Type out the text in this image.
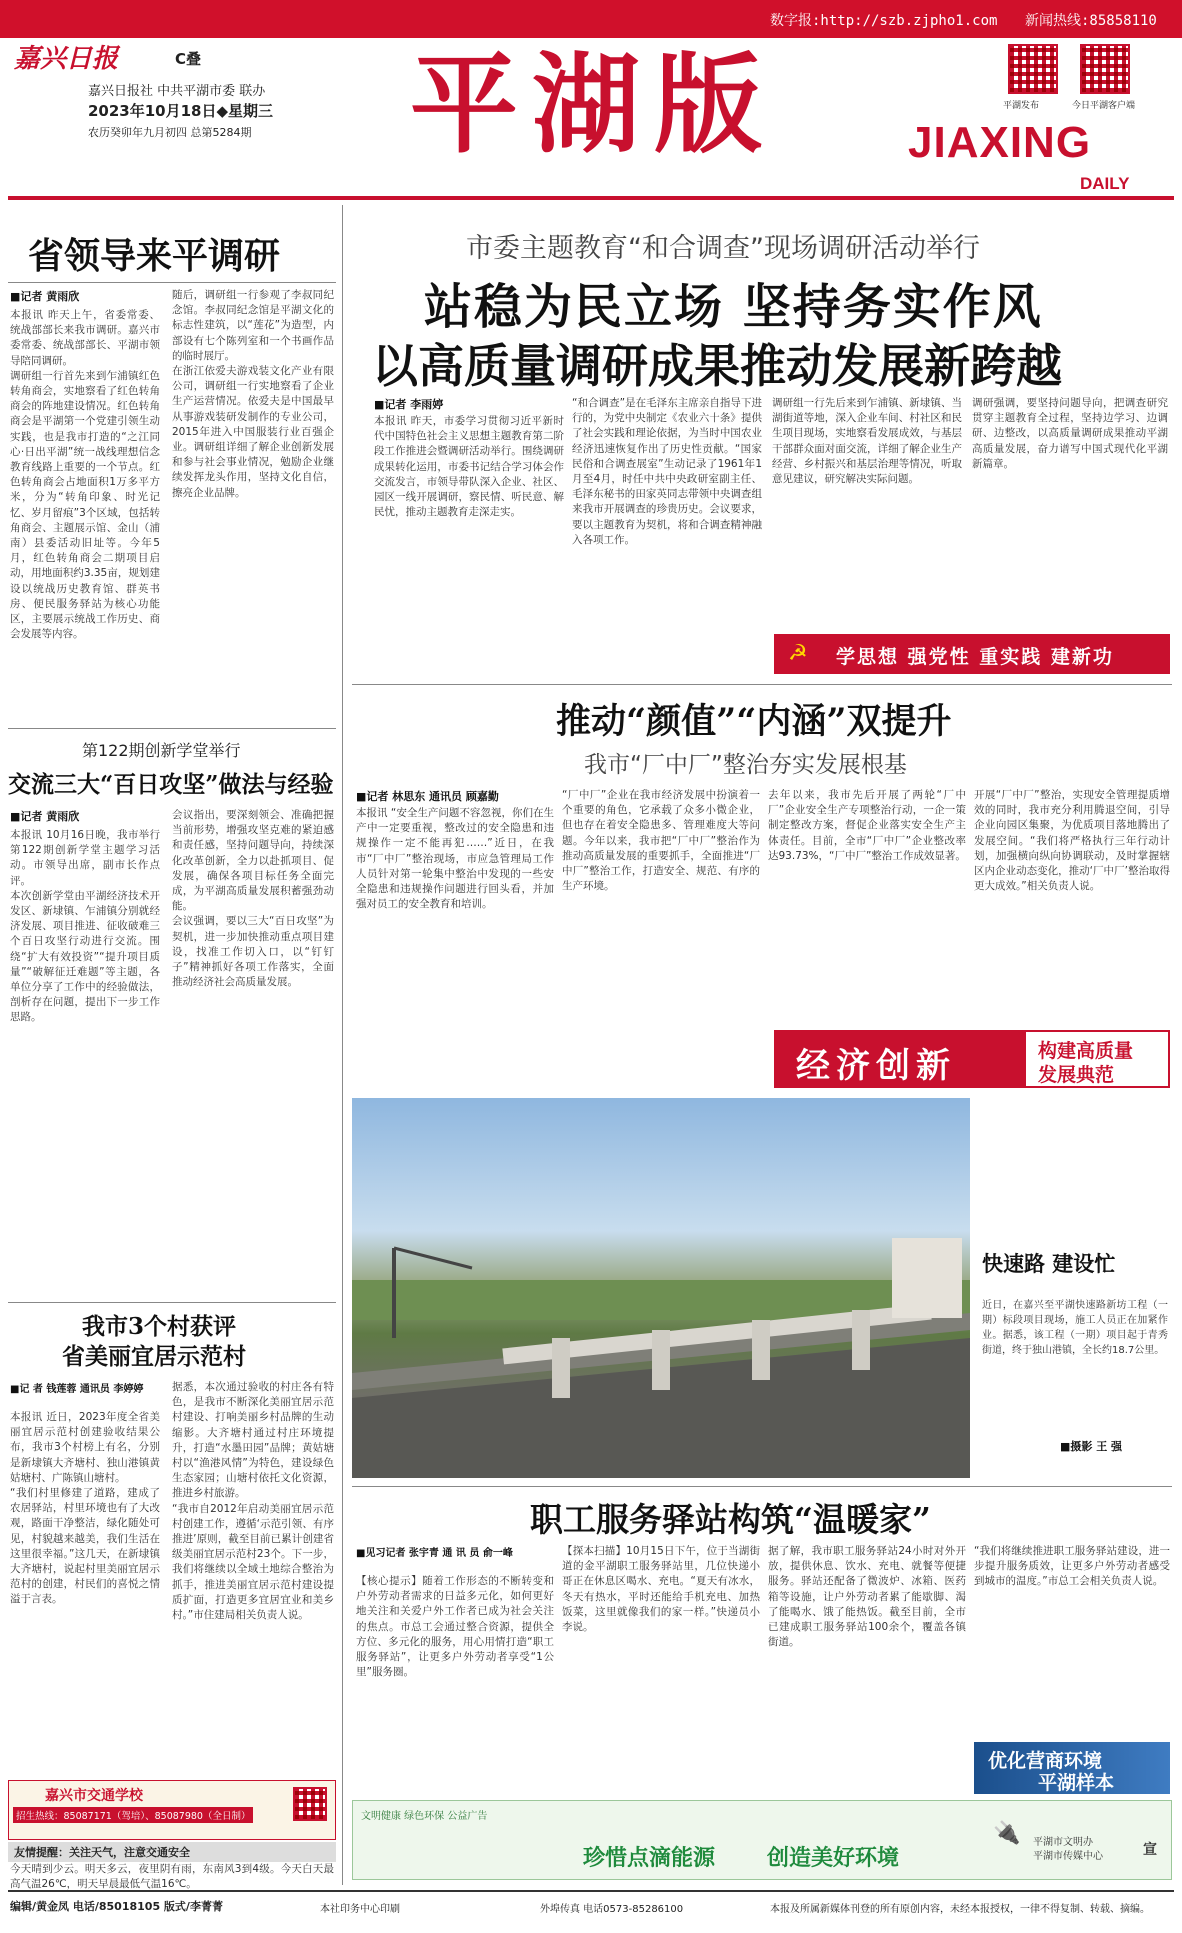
数字报:http://szb.zjpho1.com 新闻热线:85858110
嘉兴日报	C叠
嘉兴日报社 中共平湖市委 联办
2023年10月18日◆星期三
农历癸卯年九月初四 总第5284期 平湖版	平湖发布	今日平湖客户端
JIAXING
DAILY
省领导来平调研
■记者 黄雨欣

本报讯 昨天上午，省委常委、统战部部长来我市调研。嘉兴市委常委、统战部部长、平湖市领导陪同调研。

调研组一行首先来到乍浦镇红色转角商会，实地察看了红色转角商会的阵地建设情况。红色转角商会是平湖第一个党建引领生动实践，也是我市打造的“之江同心·日出平湖”统一战线理想信念教育线路上重要的一个节点。红色转角商会占地面积1万多平方米，分为“转角印象、时光记忆、岁月留痕”3个区域，包括转角商会、主题展示馆、金山（浦南）县委活动旧址等。今年5月，红色转角商会二期项目启动，用地面积约3.35亩，规划建设以统战历史教育馆、群英书房、便民服务驿站为核心功能区，主要展示统战工作历史、商会发展等内容。

随后，调研组一行参观了李叔同纪念馆。李叔同纪念馆是平湖文化的标志性建筑，以“莲花”为造型，内部设有七个陈列室和一个书画作品的临时展厅。

在浙江依爱夫游戏装文化产业有限公司，调研组一行实地察看了企业生产运营情况。依爱夫是中国最早从事游戏装研发制作的专业公司，2015年进入中国服装行业百强企业。调研组详细了解企业创新发展和参与社会事业情况，勉励企业继续发挥龙头作用，坚持文化自信，擦亮企业品牌。

第122期创新学堂举行
交流三大“百日攻坚”做法与经验
■记者 黄雨欣

本报讯 10月16日晚，我市举行第122期创新学堂主题学习活动。市领导出席，副市长作点评。

本次创新学堂由平湖经济技术开发区、新埭镇、乍浦镇分别就经济发展、项目推进、征收破难三个百日攻坚行动进行交流。围绕“扩大有效投资”“提升项目质量”“破解征迁难题”等主题，各单位分享了工作中的经验做法，剖析存在问题，提出下一步工作思路。

会议指出，要深刻领会、准确把握当前形势，增强攻坚克难的紧迫感和责任感，坚持问题导向，持续深化改革创新，全力以赴抓项目、促发展，确保各项目标任务全面完成，为平湖高质量发展积蓄强劲动能。

会议强调，要以三大“百日攻坚”为契机，进一步加快推动重点项目建设，找准工作切入口，以“钉钉子”精神抓好各项工作落实，全面推动经济社会高质量发展。

我市3个村获评
省美丽宜居示范村
■记 者 钱莲蓉 通讯员 李婷婷

本报讯 近日，2023年度全省美丽宜居示范村创建验收结果公布，我市3个村榜上有名，分别是新埭镇大齐塘村、独山港镇黄姑塘村、广陈镇山塘村。

“我们村里修建了道路，建成了农居驿站，村里环境也有了大改观，路面干净整洁，绿化随处可见，村貌越来越美，我们生活在这里很幸福。”这几天，在新埭镇大齐塘村，说起村里美丽宜居示范村的创建，村民们的喜悦之情溢于言表。

据悉，本次通过验收的村庄各有特色，是我市不断深化美丽宜居示范村建设、打响美丽乡村品牌的生动缩影。大齐塘村通过村庄环境提升，打造“水墨田园”品牌；黄姑塘村以“渔港风情”为特色，建设绿色生态家园；山塘村依托文化资源，推进乡村旅游。

“我市自2012年启动美丽宜居示范村创建工作，遵循‘示范引领、有序推进’原则，截至目前已累计创建省级美丽宜居示范村23个。下一步，我们将继续以全域土地综合整治为抓手，推进美丽宜居示范村建设提质扩面，打造更多宜居宜业和美乡村。”市住建局相关负责人说。

嘉兴市交通学校
招生热线：85087171（驾培）、85087980（全日制）
友情提醒：关注天气，注意交通安全
今天晴到少云。明天多云，夜里阴有雨，东南风3到4级。今天白天最高气温26℃，明天早晨最低气温16℃。
市委主题教育“和合调查”现场调研活动举行
站稳为民立场 坚持务实作风
以高质量调研成果推动发展新跨越
■记者 李雨婷

本报讯 昨天，市委学习贯彻习近平新时代中国特色社会主义思想主题教育第二阶段工作推进会暨调研活动举行。围绕调研成果转化运用，市委书记结合学习体会作交流发言，市领导带队深入企业、社区、园区一线开展调研，察民情、听民意、解民忧，推动主题教育走深走实。

“和合调查”是在毛泽东主席亲自指导下进行的，为党中央制定《农业六十条》提供了社会实践和理论依据，为当时中国农业经济迅速恢复作出了历史性贡献。“国家民俗和合调查展室”生动记录了1961年1月至4月，时任中共中央政研室副主任、毛泽东秘书的田家英同志带领中央调查组来我市开展调查的珍贵历史。会议要求，要以主题教育为契机，将和合调查精神融入各项工作。

调研组一行先后来到乍浦镇、新埭镇、当湖街道等地，深入企业车间、村社区和民生项目现场，实地察看发展成效，与基层干部群众面对面交流，详细了解企业生产经营、乡村振兴和基层治理等情况，听取意见建议，研究解决实际问题。

调研强调，要坚持问题导向，把调查研究贯穿主题教育全过程，坚持边学习、边调研、边整改，以高质量调研成果推动平湖高质量发展，奋力谱写中国式现代化平湖新篇章。

☭ 学思想 强党性 重实践 建新功
推动“颜值”“内涵”双提升
我市“厂中厂”整治夯实发展根基
■记者 林思东 通讯员 顾嘉勤

本报讯 “安全生产问题不容忽视，你们在生产中一定要重视，整改过的安全隐患和违规操作一定不能再犯……”近日，在我市“厂中厂”整治现场，市应急管理局工作人员针对第一轮集中整治中发现的一些安全隐患和违规操作问题进行回头看，并加强对员工的安全教育和培训。

“厂中厂”企业在我市经济发展中扮演着一个重要的角色，它承载了众多小微企业，但也存在着安全隐患多、管理难度大等问题。今年以来，我市把“厂中厂”整治作为推动高质量发展的重要抓手，全面推进“厂中厂”整治工作，打造安全、规范、有序的生产环境。

去年以来，我市先后开展了两轮“厂中厂”企业安全生产专项整治行动，一企一策制定整改方案，督促企业落实安全生产主体责任。目前，全市“厂中厂”企业整改率达93.73%，“厂中厂”整治工作成效显著。

开展“厂中厂”整治，实现安全管理提质增效的同时，我市充分利用腾退空间，引导企业向园区集聚，为优质项目落地腾出了发展空间。“我们将严格执行三年行动计划，加强横向纵向协调联动，及时掌握辖区内企业动态变化，推动‘厂中厂’整治取得更大成效。”相关负责人说。

经济创新	构建高质量
发展典范
快速路 建设忙
近日，在嘉兴至平湖快速路新坊工程（一期）标段项目现场，施工人员正在加紧作业。据悉，该工程（一期）项目起于青秀街道，终于独山港镇，全长约18.7公里。
■摄影 王 强
职工服务驿站构筑“温暖家”
■见习记者 张宇青 通 讯 员 俞一峰

【核心提示】随着工作形态的不断转变和户外劳动者需求的日益多元化，如何更好地关注和关爱户外工作者已成为社会关注的焦点。市总工会通过整合资源，提供全方位、多元化的服务，用心用情打造“职工服务驿站”，让更多户外劳动者享受“1公里”服务圈。

【探本扫描】10月15日下午，位于当湖街道的金平湖职工服务驿站里，几位快递小哥正在休息区喝水、充电。“夏天有冰水，冬天有热水，平时还能给手机充电、加热饭菜，这里就像我们的家一样。”快递员小李说。

据了解，我市职工服务驿站24小时对外开放，提供休息、饮水、充电、就餐等便捷服务。驿站还配备了微波炉、冰箱、医药箱等设施，让户外劳动者累了能歇脚、渴了能喝水、饿了能热饭。截至目前，全市已建成职工服务驿站100余个，覆盖各镇街道。

“我们将继续推进职工服务驿站建设，进一步提升服务质效，让更多户外劳动者感受到城市的温度。”市总工会相关负责人说。

优化营商环境
平湖样本
文明健康 绿色环保 公益广告
珍惜点滴能源 创造美好环境
🔌 平湖市文明办
平湖市传媒中心	宣
编辑/黄金凤 电话/85018105 版式/李菁菁	本社印务中心印刷	外埠传真 电话0573-85286100	本报及所属新媒体刊登的所有原创内容，未经本报授权，一律不得复制、转载、摘编。
